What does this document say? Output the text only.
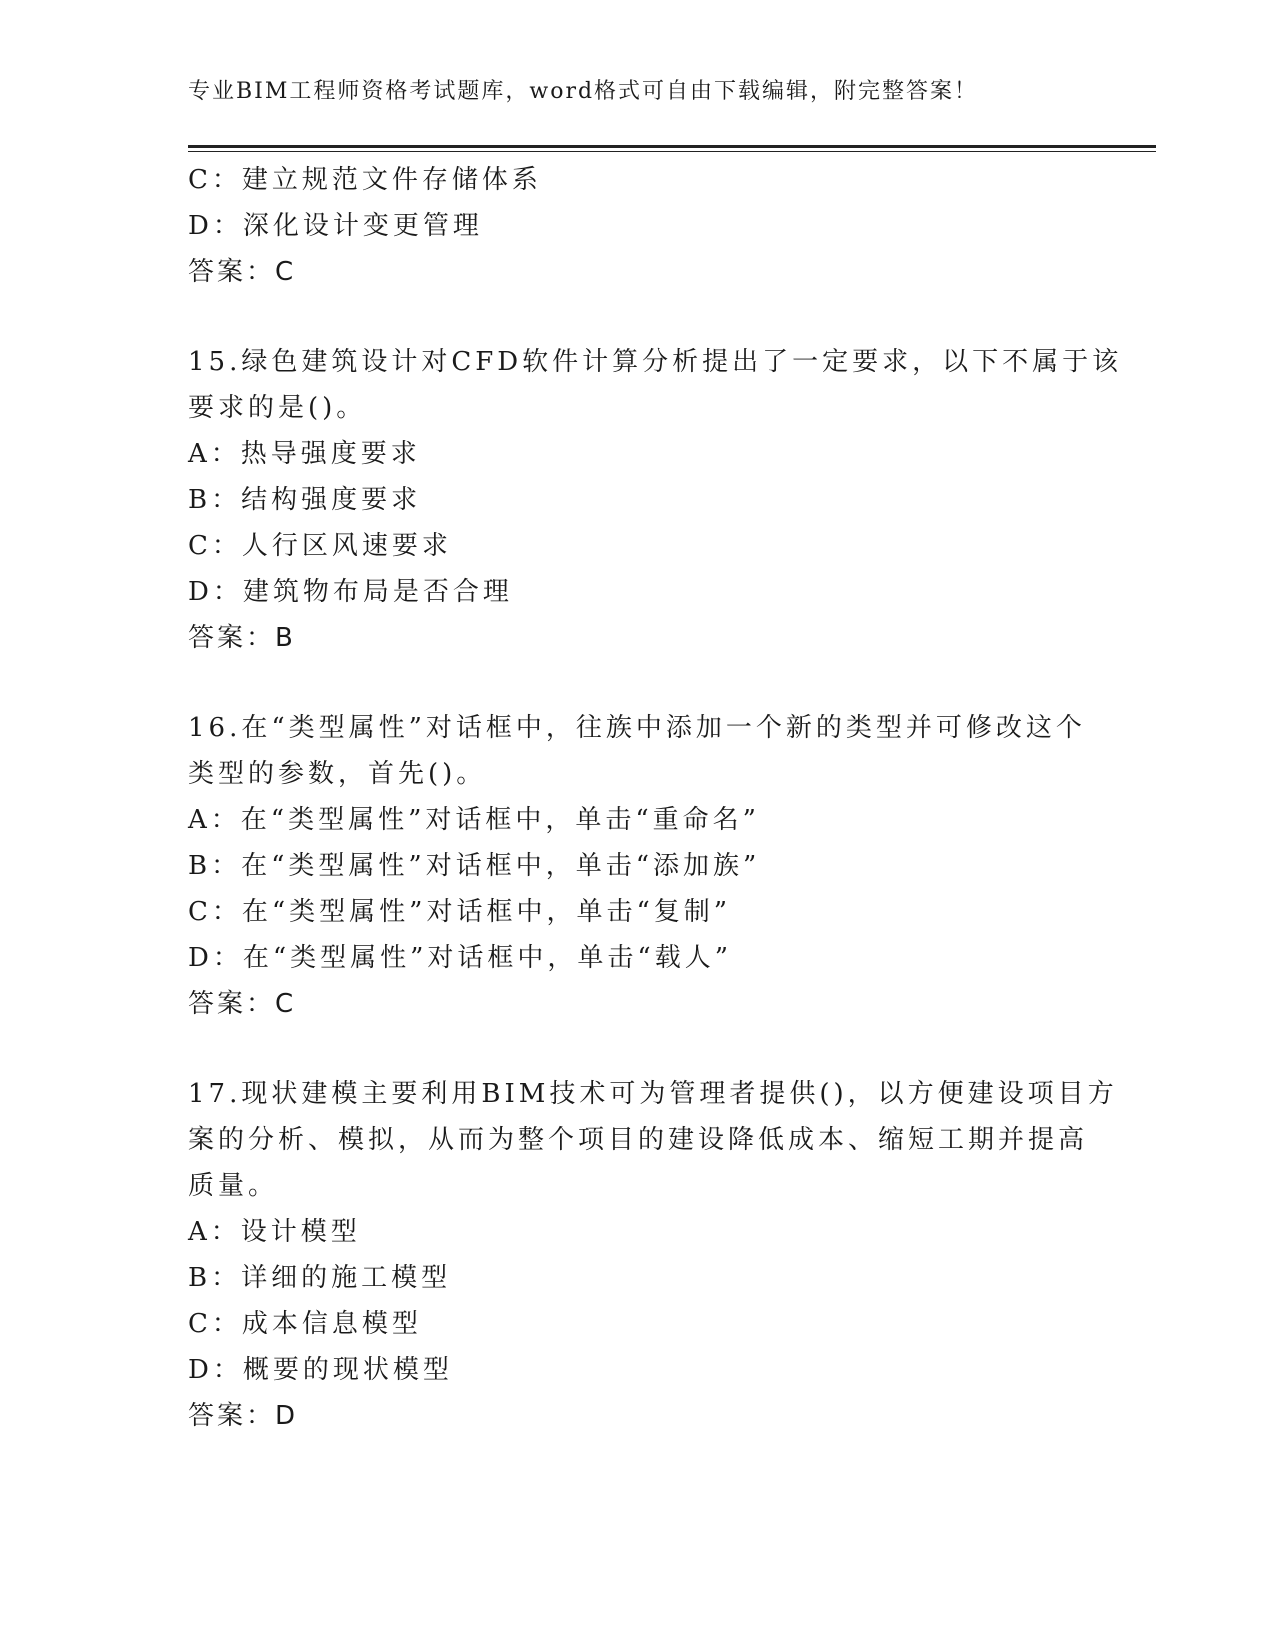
专业BIM工程师资格考试题库，word格式可自由下载编辑，附完整答案！
C：建立规范文件存储体系
D：深化设计变更管理
答案：C
15.绿色建筑设计对CFD软件计算分析提出了一定要求，以下不属于该
要求的是()。
A：热导强度要求
B：结构强度要求
C：人行区风速要求
D：建筑物布局是否合理
答案：B
16.在“类型属性”对话框中，往族中添加一个新的类型并可修改这个
类型的参数，首先()。
A：在“类型属性”对话框中，单击“重命名”
B：在“类型属性”对话框中，单击“添加族”
C：在“类型属性”对话框中，单击“复制”
D：在“类型属性”对话框中，单击“载人”
答案：C
17.现状建模主要利用BIM技术可为管理者提供()，以方便建设项目方
案的分析、模拟，从而为整个项目的建设降低成本、缩短工期并提高
质量。
A：设计模型
B：详细的施工模型
C：成本信息模型
D：概要的现状模型
答案：D
